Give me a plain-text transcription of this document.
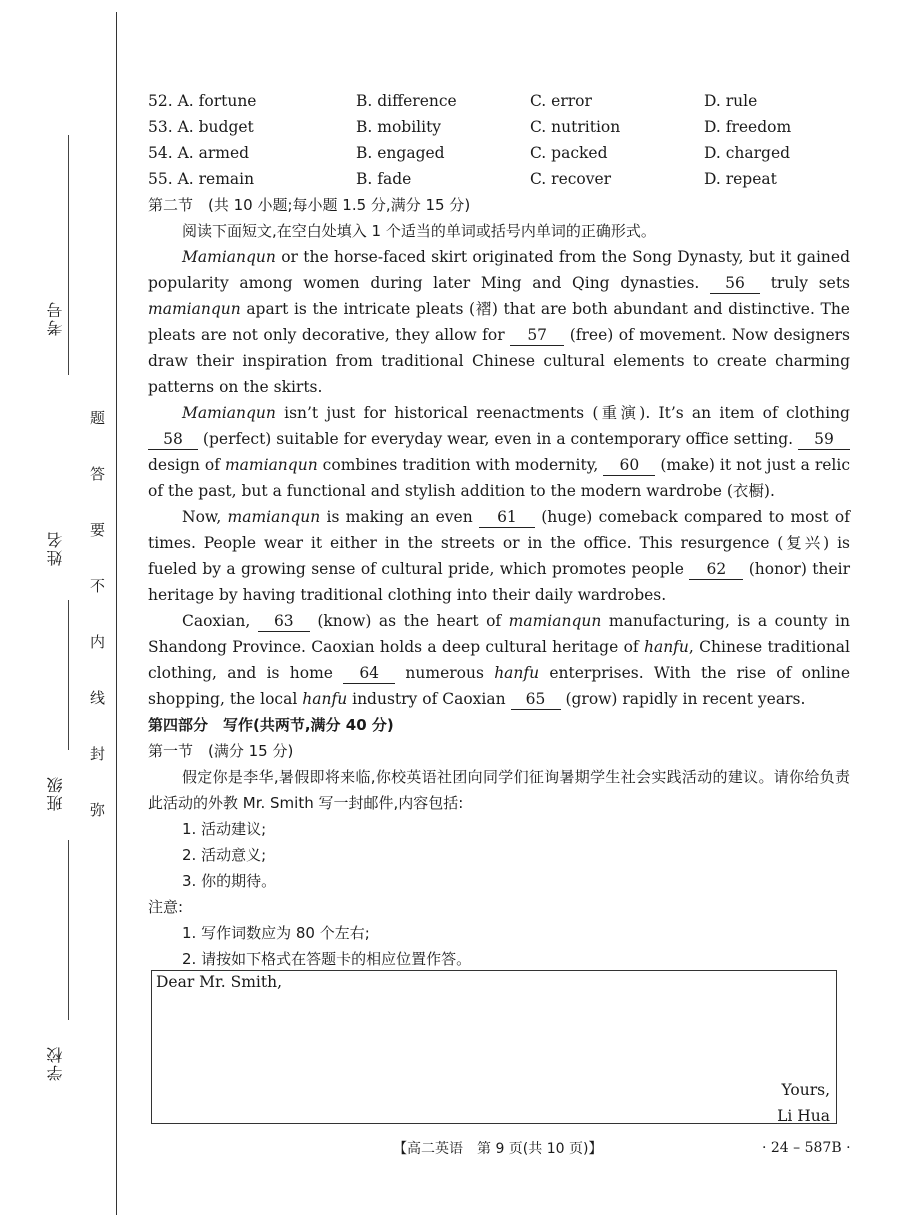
考号
姓名
班级
学校
题
答
要
不
内
线
封
弥
52. A. fortune	B. difference	C. error	D. rule
53. A. budget	B. mobility	C. nutrition	D. freedom
54. A. armed	B. engaged	C. packed	D. charged
55. A. remain	B. fade	C. recover	D. repeat
第二节　(共 10 小题;每小题 1.5 分,满分 15 分)
阅读下面短文,在空白处填入 1 个适当的单词或括号内单词的正确形式。
Mamianqun or the horse-faced skirt originated from the Song Dynasty, but it gained popularity among women during later Ming and Qing dynasties. 56 truly sets mamianqun apart is the intricate pleats (褶) that are both abundant and distinctive. The pleats are not only decorative, they allow for 57 (free) of movement. Now designers draw their inspiration from traditional Chinese cultural elements to create charming patterns on the skirts.
Mamianqun isn’t just for historical reenactments (重演). It’s an item of clothing 58 (perfect) suitable for everyday wear, even in a contemporary office setting. 59 design of mamianqun combines tradition with modernity, 60 (make) it not just a relic of the past, but a functional and stylish addition to the modern wardrobe (衣橱).
Now, mamianqun is making an even 61 (huge) comeback compared to most of times. People wear it either in the streets or in the office. This resurgence (复兴) is fueled by a growing sense of cultural pride, which promotes people 62 (honor) their heritage by having traditional clothing into their daily wardrobes.
Caoxian, 63 (know) as the heart of mamianqun manufacturing, is a county in Shandong Province. Caoxian holds a deep cultural heritage of hanfu, Chinese traditional clothing, and is home 64 numerous hanfu enterprises. With the rise of online shopping, the local hanfu industry of Caoxian 65 (grow) rapidly in recent years.
第四部分　写作(共两节,满分 40 分)
第一节　(满分 15 分)
假定你是李华,暑假即将来临,你校英语社团向同学们征询暑期学生社会实践活动的建议。请你给负责此活动的外教 Mr. Smith 写一封邮件,内容包括:
1. 活动建议;
2. 活动意义;
3. 你的期待。
注意:
1. 写作词数应为 80 个左右;
2. 请按如下格式在答题卡的相应位置作答。
Dear Mr. Smith,
Yours,
Li Hua
【高二英语　第 9 页(共 10 页)】	· 24 – 587B ·
